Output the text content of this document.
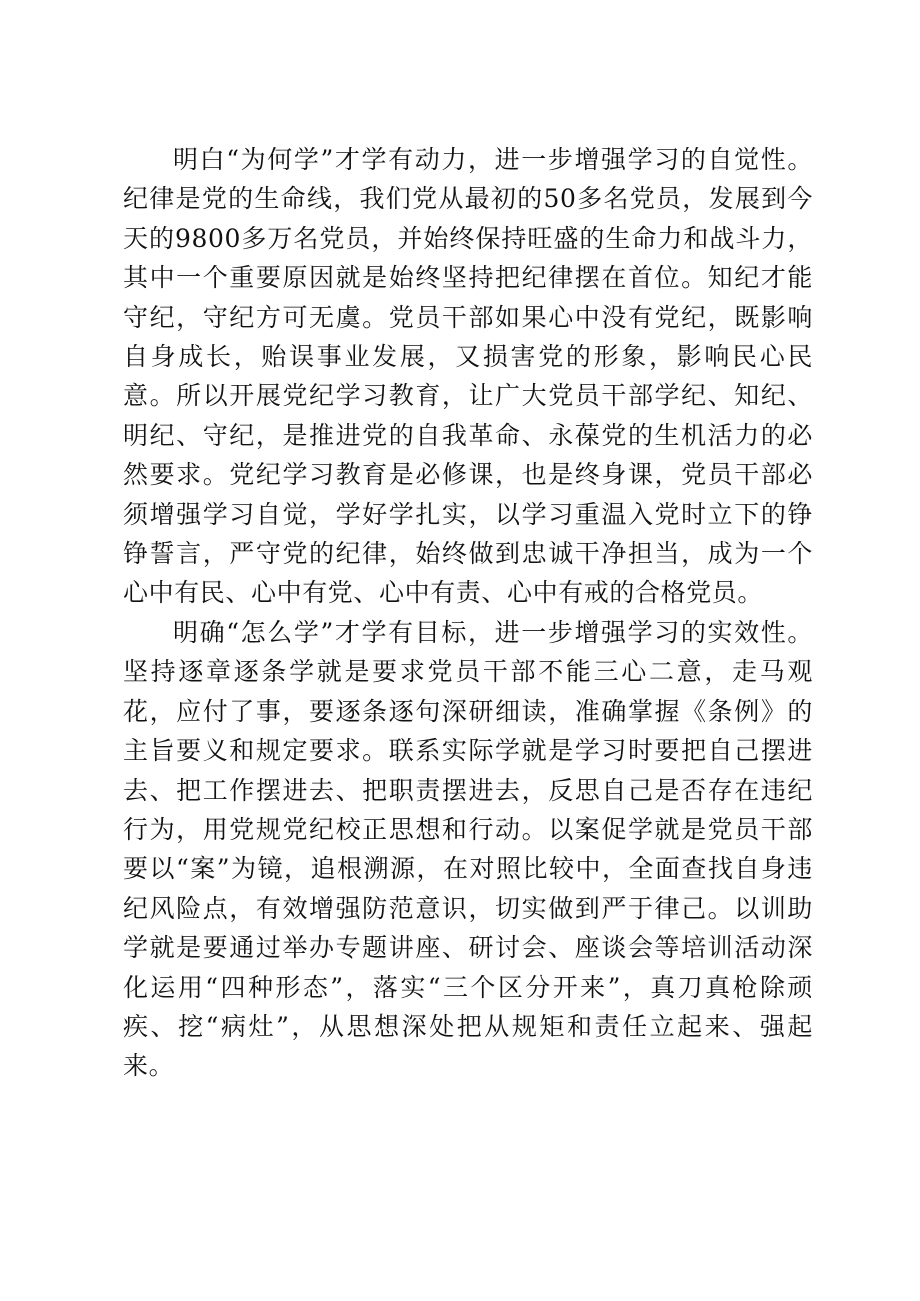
明白“为何学”才学有动力，进一步增强学习的自觉性。纪律是党的生命线，我们党从最初的50多名党员，发展到今天的9800多万名党员，并始终保持旺盛的生命力和战斗力，其中一个重要原因就是始终坚持把纪律摆在首位。知纪才能守纪，守纪方可无虞。党员干部如果心中没有党纪，既影响自身成长，贻误事业发展，又损害党的形象，影响民心民意。所以开展党纪学习教育，让广大党员干部学纪、知纪、明纪、守纪，是推进党的自我革命、永葆党的生机活力的必然要求。党纪学习教育是必修课，也是终身课，党员干部必须增强学习自觉，学好学扎实，以学习重温入党时立下的铮铮誓言，严守党的纪律，始终做到忠诚干净担当，成为一个心中有民、心中有党、心中有责、心中有戒的合格党员。

明确“怎么学”才学有目标，进一步增强学习的实效性。坚持逐章逐条学就是要求党员干部不能三心二意，走马观花，应付了事，要逐条逐句深研细读，准确掌握《条例》的主旨要义和规定要求。联系实际学就是学习时要把自己摆进去、把工作摆进去、把职责摆进去，反思自己是否存在违纪行为，用党规党纪校正思想和行动。以案促学就是党员干部要以“案”为镜，追根溯源，在对照比较中，全面查找自身违纪风险点，有效增强防范意识，切实做到严于律己。以训助学就是要通过举办专题讲座、研讨会、座谈会等培训活动深化运用“四种形态”，落实“三个区分开来”，真刀真枪除顽疾、挖“病灶”，从思想深处把从规矩和责任立起来、强起来。
